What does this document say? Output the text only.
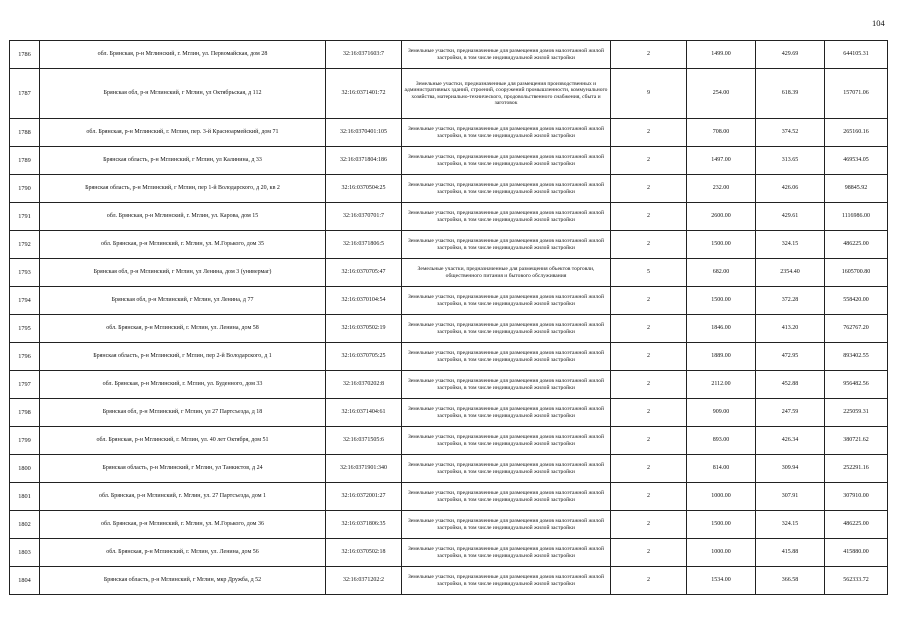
104
1786	обл. Брянская, р-н Мглинский, г. Мглин, ул. Первомайская, дом 28	32:16:0371603:7	Земельные участки, предназначенные для размещения домов малоэтажной жилой застройки, в том числе индивидуальной жилой застройки	2	1499.00	429.69	644105.31
1787	Брянская обл, р-н Мглинский, г Мглин, ул Октябрьская, д 112	32:16:0371401:72	Земельные участки, предназначенные для размещения производственных и административных зданий, строений, сооружений промышленности, коммунального хозяйства, материально-технического, продовольственного снабжения, сбыта и заготовок	9	254.00	618.39	157071.06
1788	обл. Брянская, р-н Мглинский, г. Мглин, пер. 3-й Красноармейский, дом 71	32:16:0370401:105	Земельные участки, предназначенные для размещения домов малоэтажной жилой застройки, в том числе индивидуальной жилой застройки	2	708.00	374.52	265160.16
1789	Брянская область, р-н Мглинский, г Мглин, ул Калинина, д 33	32:16:0371804:186	Земельные участки, предназначенные для размещения домов малоэтажной жилой застройки, в том числе индивидуальной жилой застройки	2	1497.00	313.65	469534.05
1790	Брянская область, р-н Мглинский, г Мглин, пер 1-й Володарского, д 20, кв 2	32:16:0370504:25	Земельные участки, предназначенные для размещения домов малоэтажной жилой застройки, в том числе индивидуальной жилой застройки	2	232.00	426.06	98845.92
1791	обл. Брянская, р-н Мглинский, г. Мглин, ул. Карова, дом 15	32:16:0370701:7	Земельные участки, предназначенные для размещения домов малоэтажной жилой застройки, в том числе индивидуальной жилой застройки	2	2600.00	429.61	1116986.00
1792	обл. Брянская, р-н Мглинский, г. Мглин, ул. М.Горького, дом 35	32:16:0371806:5	Земельные участки, предназначенные для размещения домов малоэтажной жилой застройки, в том числе индивидуальной жилой застройки	2	1500.00	324.15	486225.00
1793	Брянская обл, р-н Мглинский, г Мглин, ул Ленина, дом 3 (универмаг)	32:16:0370705:47	Земельные участки, предназначенные для размещения объектов торговли, общественного питания и бытового обслуживания	5	682.00	2354.40	1605700.80
1794	Брянская обл, р-н Мглинский, г Мглин, ул Ленина, д 77	32:16:0370104:54	Земельные участки, предназначенные для размещения домов малоэтажной жилой застройки, в том числе индивидуальной жилой застройки	2	1500.00	372.28	558420.00
1795	обл. Брянская, р-н Мглинский, г. Мглин, ул. Ленина, дом 58	32:16:0370502:19	Земельные участки, предназначенные для размещения домов малоэтажной жилой застройки, в том числе индивидуальной жилой застройки	2	1846.00	413.20	762767.20
1796	Брянская область, р-н Мглинский, г Мглин, пер 2-й Володарского, д 1	32:16:0370705:25	Земельные участки, предназначенные для размещения домов малоэтажной жилой застройки, в том числе индивидуальной жилой застройки	2	1889.00	472.95	893402.55
1797	обл. Брянская, р-н Мглинский, г. Мглин, ул. Буденного, дом 33	32:16:0370202:8	Земельные участки, предназначенные для размещения домов малоэтажной жилой застройки, в том числе индивидуальной жилой застройки	2	2112.00	452.88	956482.56
1798	Брянская обл, р-н Мглинский, г Мглин, ул 27 Партсъезда, д 18	32:16:0371404:61	Земельные участки, предназначенные для размещения домов малоэтажной жилой застройки, в том числе индивидуальной жилой застройки	2	909.00	247.59	225059.31
1799	обл. Брянская, р-н Мглинский, г. Мглин, ул. 40 лет Октября, дом 51	32:16:0371505:6	Земельные участки, предназначенные для размещения домов малоэтажной жилой застройки, в том числе индивидуальной жилой застройки	2	893.00	426.34	380721.62
1800	Брянская область, р-н Мглинский, г Мглин, ул Танкистов, д 24	32:16:0371901:340	Земельные участки, предназначенные для размещения домов малоэтажной жилой застройки, в том числе индивидуальной жилой застройки	2	814.00	309.94	252291.16
1801	обл. Брянская, р-н Мглинский, г. Мглин, ул. 27 Партсъезда, дом 1	32:16:0372001:27	Земельные участки, предназначенные для размещения домов малоэтажной жилой застройки, в том числе индивидуальной жилой застройки	2	1000.00	307.91	307910.00
1802	обл. Брянская, р-н Мглинский, г. Мглин, ул. М.Горького, дом 36	32:16:0371806:35	Земельные участки, предназначенные для размещения домов малоэтажной жилой застройки, в том числе индивидуальной жилой застройки	2	1500.00	324.15	486225.00
1803	обл. Брянская, р-н Мглинский, г. Мглин, ул. Ленина, дом 56	32:16:0370502:18	Земельные участки, предназначенные для размещения домов малоэтажной жилой застройки, в том числе индивидуальной жилой застройки	2	1000.00	415.88	415880.00
1804	Брянская область, р-н Мглинский, г Мглин, мкр Дружба, д 52	32:16:0371202:2	Земельные участки, предназначенные для размещения домов малоэтажной жилой застройки, в том числе индивидуальной жилой застройки	2	1534.00	366.58	562333.72
